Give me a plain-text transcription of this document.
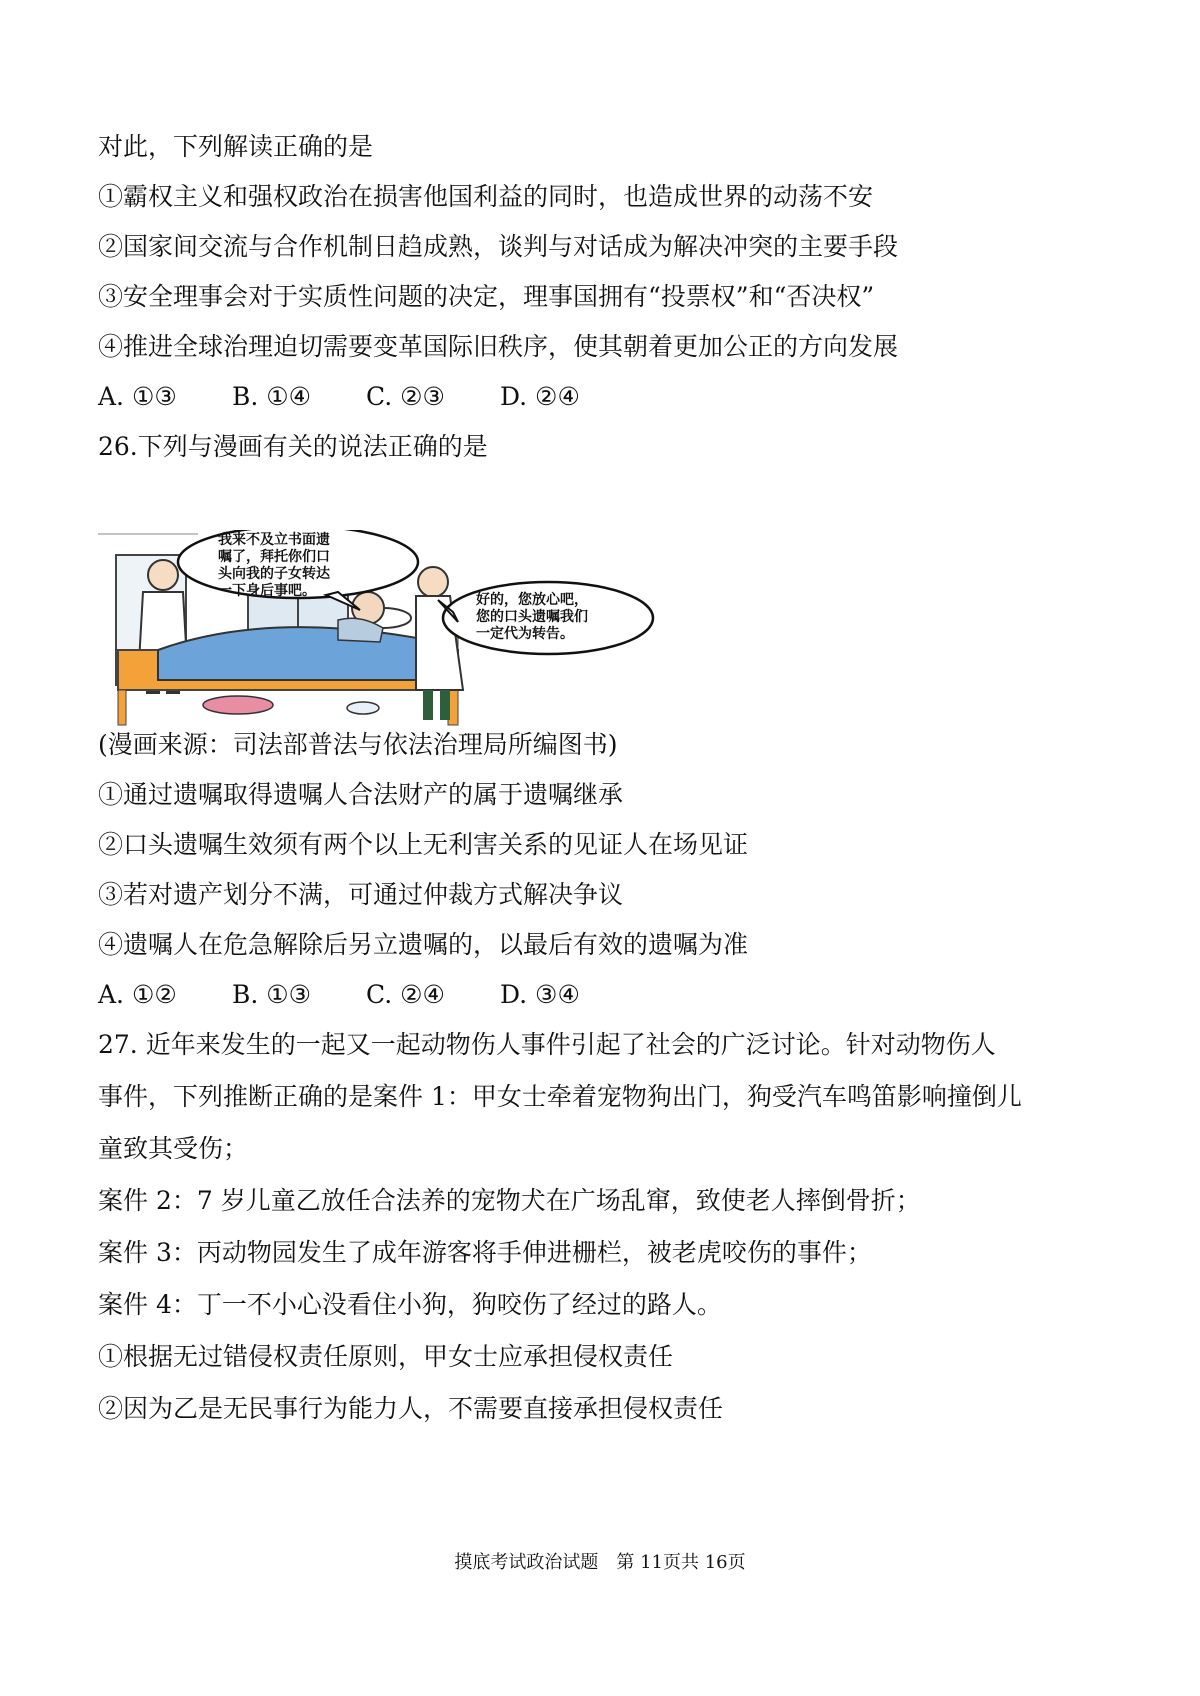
对此，下列解读正确的是
①霸权主义和强权政治在损害他国利益的同时，也造成世界的动荡不安
②国家间交流与合作机制日趋成熟，谈判与对话成为解决冲突的主要手段
③安全理事会对于实质性问题的决定，理事国拥有“投票权”和“否决权”
④推进全球治理迫切需要变革国际旧秩序，使其朝着更加公正的方向发展
A. ①③ B. ①④ C. ②③ D. ②④
26.下列与漫画有关的说法正确的是
我来不及立书面遗
嘱了，拜托你们口
头向我的子女转达
一下身后事吧。
好的，您放心吧，
您的口头遗嘱我们
一定代为转告。
(漫画来源：司法部普法与依法治理局所编图书)
①通过遗嘱取得遗嘱人合法财产的属于遗嘱继承
②口头遗嘱生效须有两个以上无利害关系的见证人在场见证
③若对遗产划分不满，可通过仲裁方式解决争议
④遗嘱人在危急解除后另立遗嘱的，以最后有效的遗嘱为准
A. ①② B. ①③ C. ②④ D. ③④
27. 近年来发生的一起又一起动物伤人事件引起了社会的广泛讨论。针对动物伤人
事件，下列推断正确的是案件 1：甲女士牵着宠物狗出门，狗受汽车鸣笛影响撞倒儿
童致其受伤；
案件 2：7 岁儿童乙放任合法养的宠物犬在广场乱窜，致使老人摔倒骨折；
案件 3：丙动物园发生了成年游客将手伸进栅栏，被老虎咬伤的事件；
案件 4：丁一不小心没看住小狗，狗咬伤了经过的路人。
①根据无过错侵权责任原则，甲女士应承担侵权责任
②因为乙是无民事行为能力人，不需要直接承担侵权责任
摸底考试政治试题　第 11页共 16页
